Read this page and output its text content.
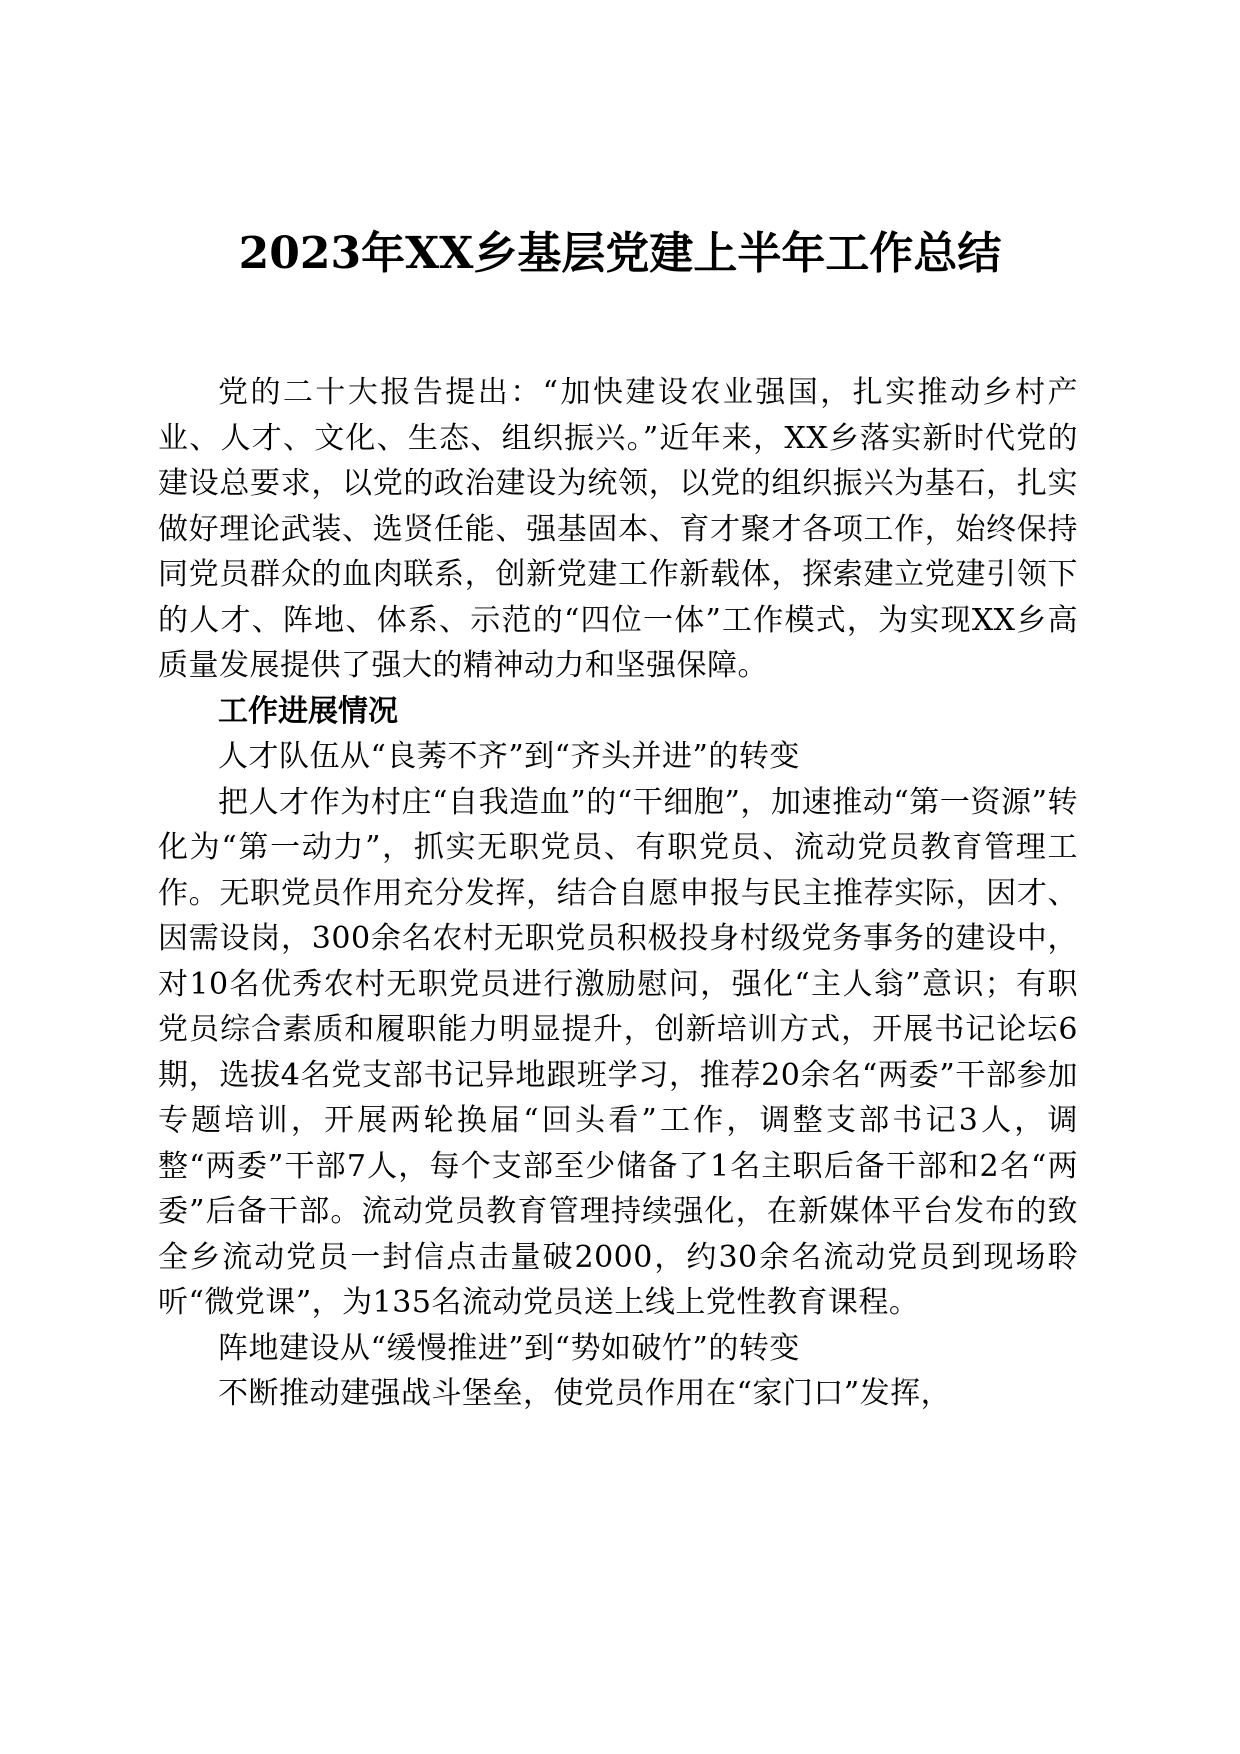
2023年XX乡基层党建上半年工作总结

党的二十大报告提出：“加快建设农业强国，扎实推动乡村产业、人才、文化、生态、组织振兴。”近年来，XX乡落实新时代党的建设总要求，以党的政治建设为统领，以党的组织振兴为基石，扎实做好理论武装、选贤任能、强基固本、育才聚才各项工作，始终保持同党员群众的血肉联系，创新党建工作新载体，探索建立党建引领下的人才、阵地、体系、示范的“四位一体”工作模式，为实现XX乡高质量发展提供了强大的精神动力和坚强保障。

工作进展情况

人才队伍从“良莠不齐”到“齐头并进”的转变

把人才作为村庄“自我造血”的“干细胞”，加速推动“第一资源”转化为“第一动力”，抓实无职党员、有职党员、流动党员教育管理工作。无职党员作用充分发挥，结合自愿申报与民主推荐实际，因才、因需设岗，300余名农村无职党员积极投身村级党务事务的建设中，对10名优秀农村无职党员进行激励慰问，强化“主人翁”意识；有职党员综合素质和履职能力明显提升，创新培训方式，开展书记论坛6期，选拔4名党支部书记异地跟班学习，推荐20余名“两委”干部参加专题培训，开展两轮换届“回头看”工作，调整支部书记3人，调整“两委”干部7人，每个支部至少储备了1名主职后备干部和2名“两委”后备干部。流动党员教育管理持续强化，在新媒体平台发布的致全乡流动党员一封信点击量破2000，约30余名流动党员到现场聆听“微党课”，为135名流动党员送上线上党性教育课程。

阵地建设从“缓慢推进”到“势如破竹”的转变

不断推动建强战斗堡垒，使党员作用在“家门口”发挥，
